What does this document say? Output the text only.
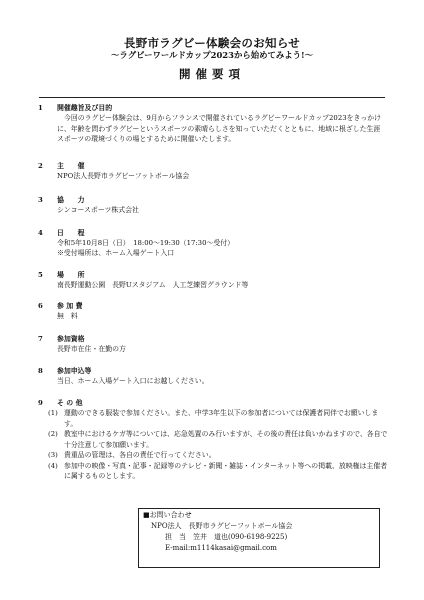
長野市ラグビー体験会のお知らせ
～ラグビーワールドカップ2023から始めてみよう!～
開催要項
1 開催趣旨及び目的
今回のラグビー体験会は、9月からフランスで開催されているラグビーワールドカップ2023をきっかけに、年齢を問わずラグビーというスポーツの素晴らしさを知っていただくとともに、地域に根ざした生涯スポーツの環境づくりの場とするために開催いたします。
2 主　　催
NPO法人長野市ラグビーフットボール協会
3 協　　力
シンコースポーツ株式会社
4 日　　程
令和5年10月8日（日）　18:00～19:30（17:30～受付）
※受付場所は、ホーム入場ゲート入口
5 場　　所
南長野運動公園　長野Uスタジアム　人工芝練習グラウンド等
6 参 加 費
無　料
7 参加資格
長野市在住・在勤の方
8 参加申込等
当日、ホーム入場ゲート入口にお越しください。
9 そ の 他
(1) 運動のできる服装で参加ください。また、中学3年生以下の参加者については保護者同伴でお願いします。
(2) 教室中におけるケガ等については、応急処置のみ行いますが、その後の責任は負いかねますので、各自で十分注意して参加願います。
(3) 貴重品の管理は、各自の責任で行ってください。
(4) 参加中の映像・写真・記事・記録等のテレビ・新聞・雑誌・インターネット等への掲載、放映権は主催者に属するものとします。
■お問い合わせ
NPO法人　長野市ラグビーフットボール協会
担　当　笠井　道也(090-6198-9225)
E-mail:m1114kasai@gmail.com
